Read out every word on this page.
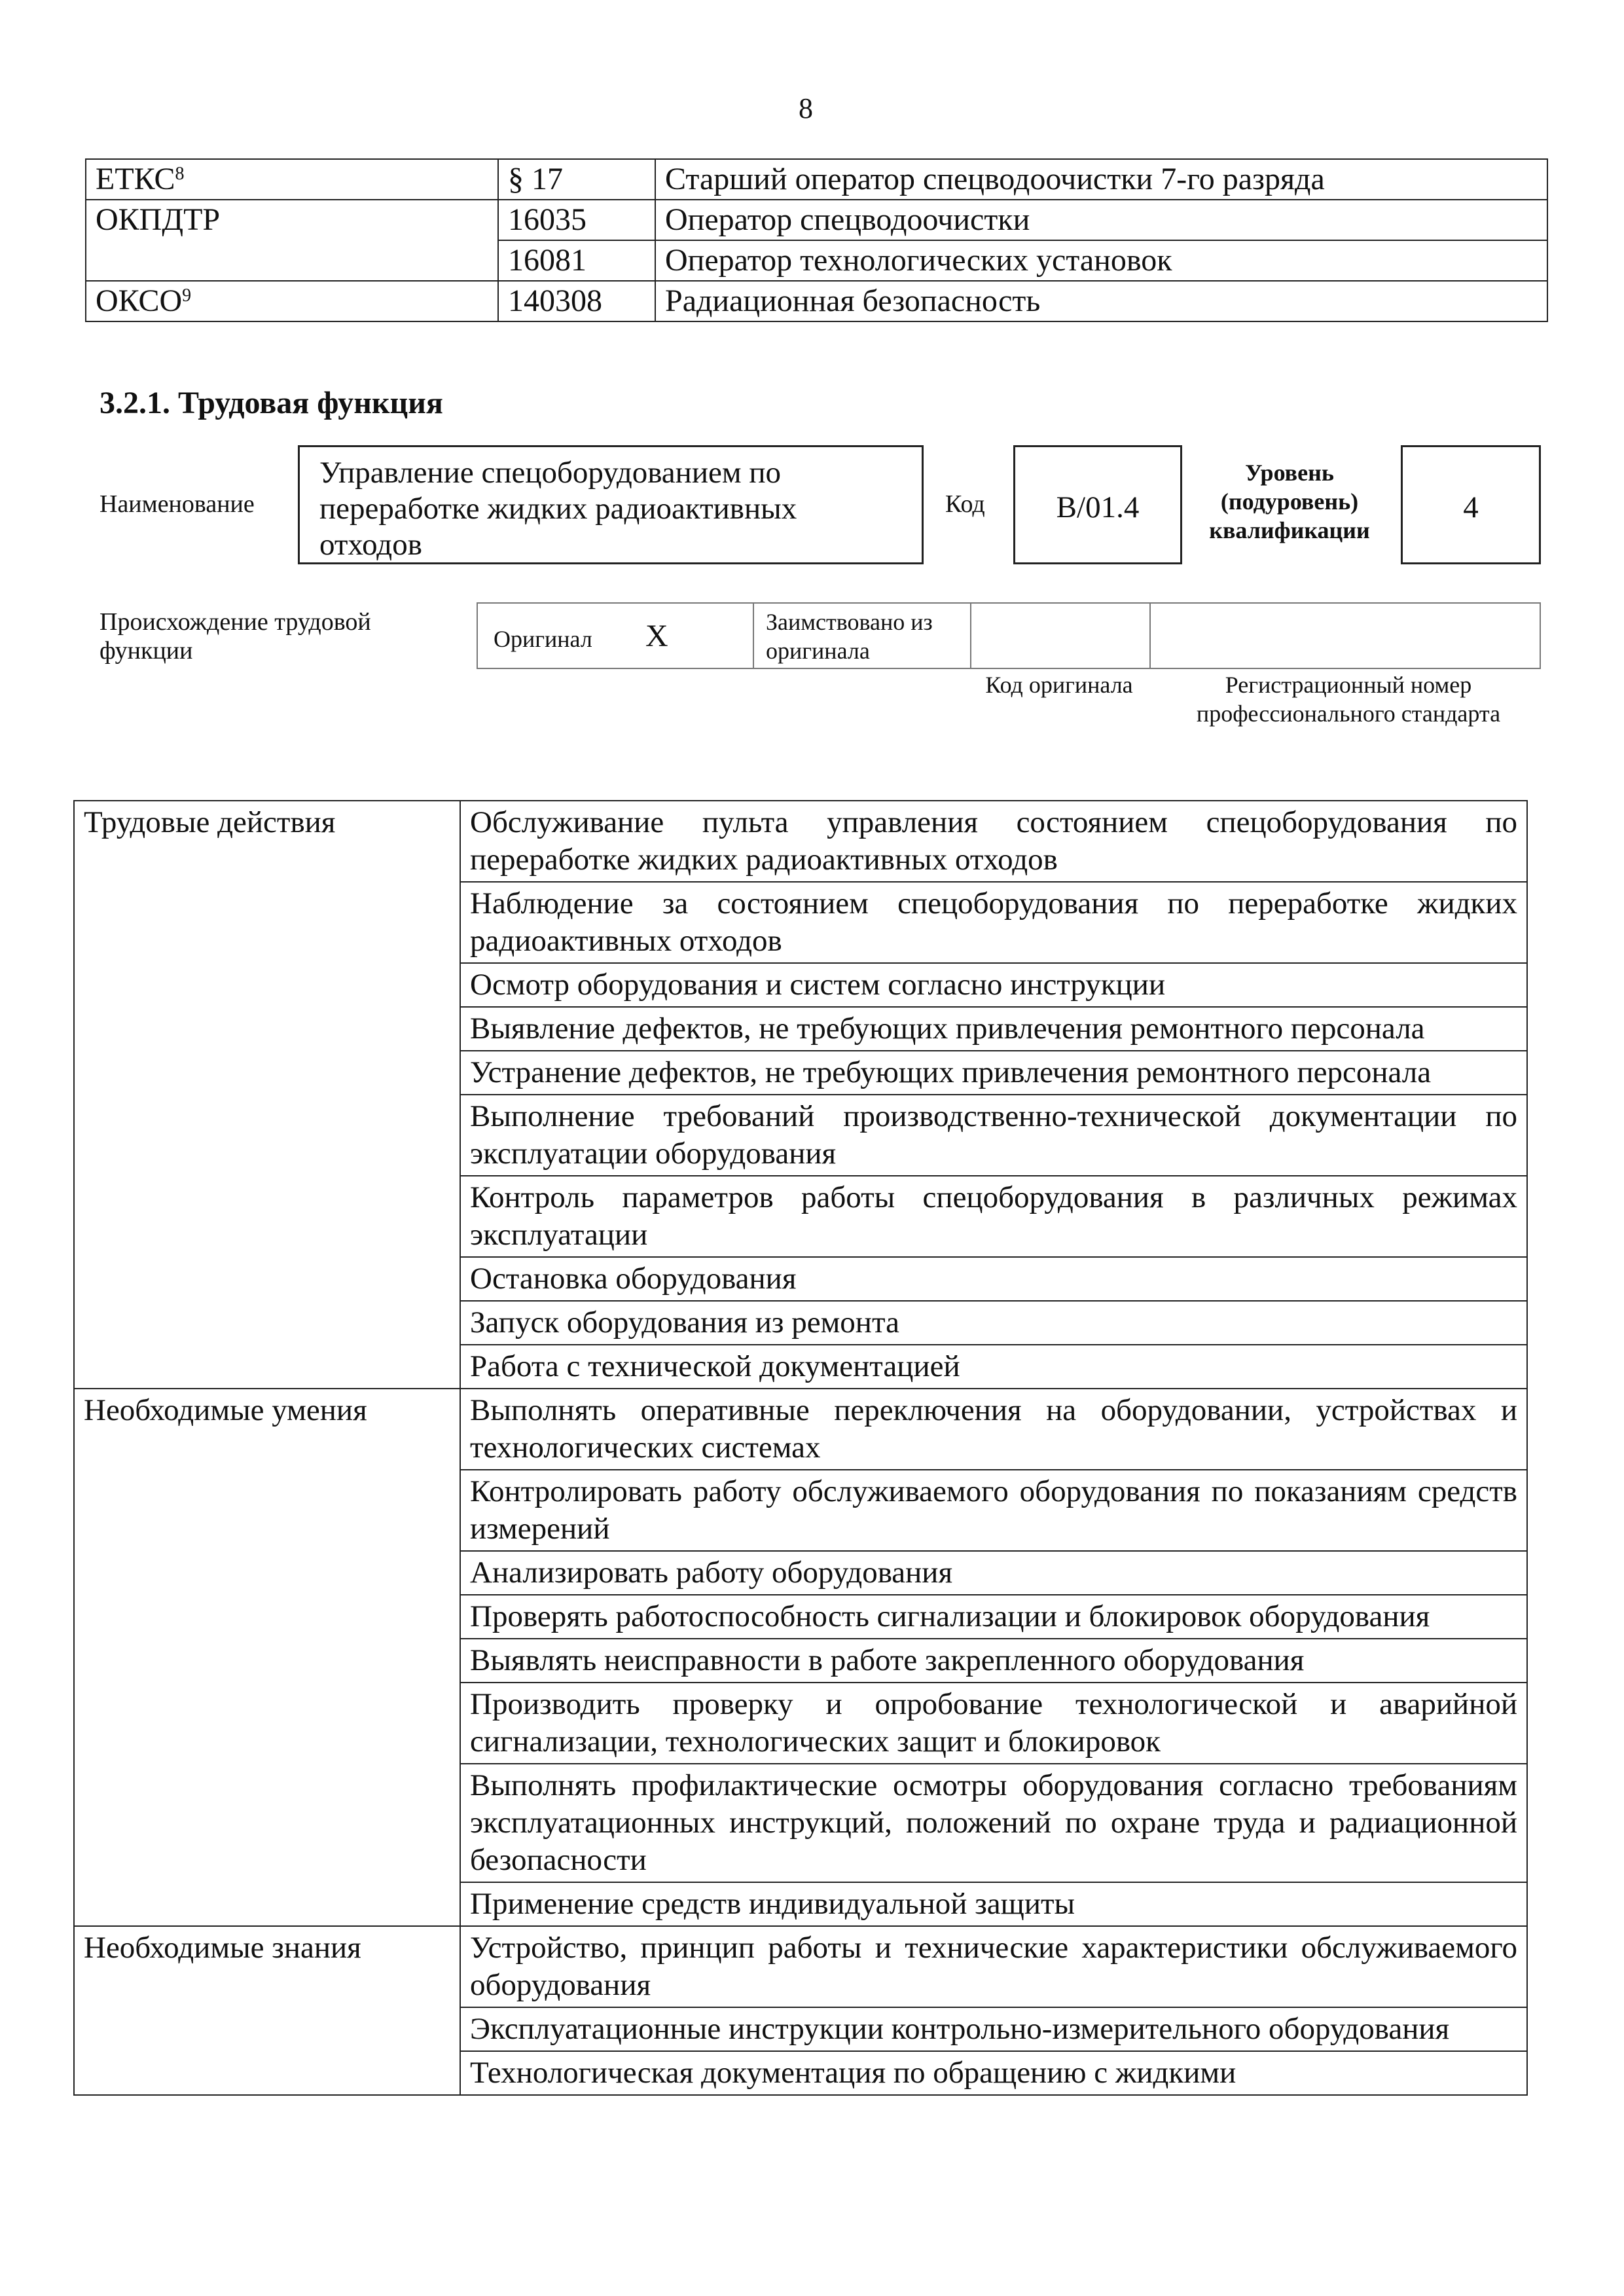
8
ЕТКС$^8$	§ 17	Старший оператор спецводоочистки 7-го разряда
ОКПДТР	16035	Оператор спецводоочистки
	16081	Оператор технологических установок
ОКСО$^9$	140308	Радиационная безопасность
3.2.1. Трудовая функция
Наименование
Управление спецоборудованием по переработке жидких радиоактивных отходов
Код	B/01.4
Уровень (подуровень) квалификации
4
Происхождение трудовой функции	Оригинал X	Заимствовано из оригинала
Код оригинала	Регистрационный номер профессионального стандарта
Трудовые действия	Обслуживание пульта управления состоянием спецоборудования по переработке жидких радиоактивных отходов
	Наблюдение за состоянием спецоборудования по переработке жидких радиоактивных отходов
	Осмотр оборудования и систем согласно инструкции
	Выявление дефектов, не требующих привлечения ремонтного персонала
	Устранение дефектов, не требующих привлечения ремонтного персонала
	Выполнение требований производственно-технической документации по эксплуатации оборудования
	Контроль параметров работы спецоборудования в различных режимах эксплуатации
	Остановка оборудования
	Запуск оборудования из ремонта
	Работа с технической документацией
Необходимые умения	Выполнять оперативные переключения на оборудовании, устройствах и технологических системах
	Контролировать работу обслуживаемого оборудования по показаниям средств измерений
	Анализировать работу оборудования
	Проверять работоспособность сигнализации и блокировок оборудования
	Выявлять неисправности в работе закрепленного оборудования
	Производить проверку и опробование технологической и аварийной сигнализации, технологических защит и блокировок
	Выполнять профилактические осмотры оборудования согласно требованиям эксплуатационных инструкций, положений по охране труда и радиационной безопасности
	Применение средств индивидуальной защиты
Необходимые знания	Устройство, принцип работы и технические характеристики обслуживаемого оборудования
	Эксплуатационные инструкции контрольно-измерительного оборудования
	Технологическая документация по обращению с жидкими
